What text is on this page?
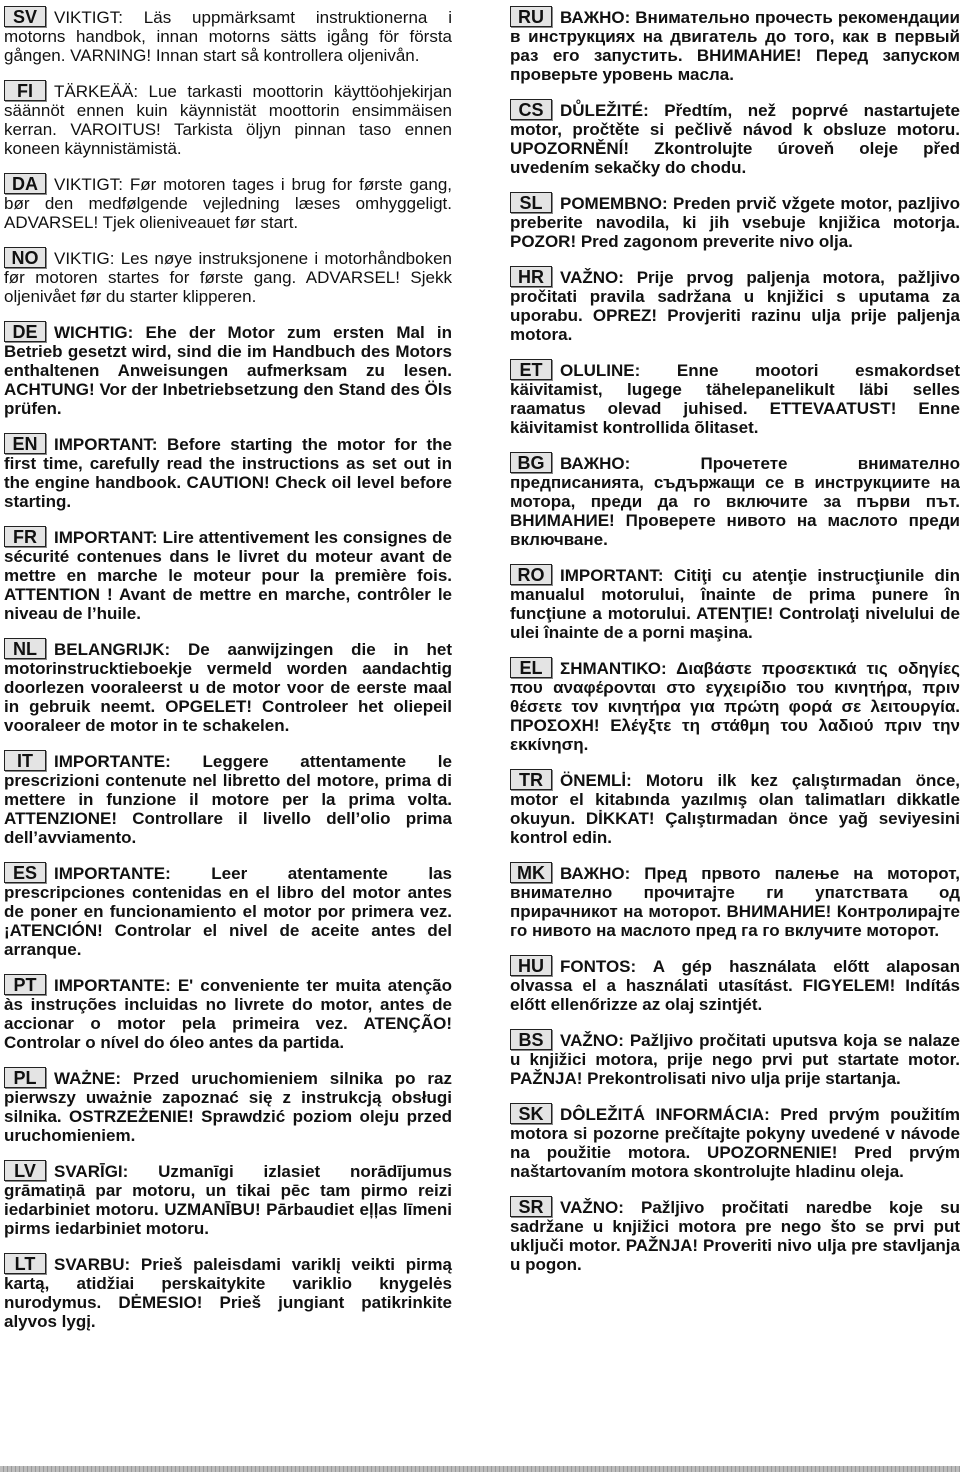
SV VIKTIGT: Läs uppmärksamt instruktionerna i motorns handbok, innan motorns sätts igång för första gången. VARNING! Innan start så kontrollera oljenivån.
FI TÄRKEÄÄ: Lue tarkasti moottorin käyttöohjekirjan säännöt ennen kuin käynnistät moottorin ensimmäisen kerran. VAROITUS! Tarkista öljyn pinnan taso ennen koneen käynnistämistä.
DA VIKTIGT: Før motoren tages i brug for første gang, bør den medfølgende vejledning læses omhyggeligt. ADVARSEL! Tjek olieniveauet før start.
NO VIKTIG: Les nøye instruksjonene i motorhåndboken før motoren startes for første gang. ADVARSEL! Sjekk oljenivået før du starter klipperen.
DE WICHTIG: Ehe der Motor zum ersten Mal in Betrieb gesetzt wird, sind die im Handbuch des Motors enthaltenen Anweisungen aufmerksam zu lesen. ACHTUNG! Vor der Inbetriebsetzung den Stand des Öls prüfen.
EN IMPORTANT: Before starting the motor for the first time, carefully read the instructions as set out in the engine handbook. CAUTION! Check oil level before starting.
FR IMPORTANT: Lire attentivement les consignes de sécurité contenues dans le livret du moteur avant de mettre en marche le moteur pour la première fois. ATTENTION ! Avant de mettre en marche, contrôler le niveau de l’huile.
NL BELANGRIJK: De aanwijzingen die in het motorinstrucktieboekje vermeld worden aandachtig doorlezen vooraleerst u de motor voor de eerste maal in gebruik neemt. OPGELET! Controleer het oliepeil vooraleer de motor in te schakelen.
IT IMPORTANTE: Leggere attentamente le prescrizioni contenute nel libretto del motore, prima di mettere in funzione il motore per la prima volta. ATTENZIONE! Controllare il livello dell’olio prima dell’avviamento.
ES IMPORTANTE: Leer atentamente las prescripciones contenidas en el libro del motor antes de poner en funcionamiento el motor por primera vez. ¡ATENCIÓN! Controlar el nivel de aceite antes del arranque.
PT IMPORTANTE: E' conveniente ter muita atenção às instruções incluidas no livrete do motor, antes de accionar o motor pela primeira vez. ATENÇÃO! Controlar o nível do óleo antes da partida.
PL WAŻNE: Przed uruchomieniem silnika po raz pierwszy uważnie zapoznać się z instrukcją obsługi silnika. OSTRZEŻENIE! Sprawdzić poziom oleju przed uruchomieniem.
LV SVARĪGI: Uzmanīgi izlasiet norādījumus grāmatiņā par motoru, un tikai pēc tam pirmo reizi iedarbiniet motoru. UZMANĪBU! Pārbaudiet eļļas līmeni pirms iedarbiniet motoru.
LT SVARBU: Prieš paleisdami variklį veikti pirmą kartą, atidžiai perskaitykite variklio knygelės nurodymus. DĖMESIO! Prieš jungiant patikrinkite alyvos lygį.
RU ВАЖНО: Внимательно прочесть рекомендации в инструкциях на двигатель до того, как в первый раз его запустить. ВНИМАНИЕ! Перед запуском проверьте уровень масла.
CS DŮLEŽITÉ: Předtím, než poprvé nastartujete motor, pročtěte si pečlivě návod k obsluze motoru. UPOZORNĚNÍ! Zkontrolujte úroveň oleje před uvedením sekačky do chodu.
SL POMEMBNO: Preden prvič vžgete motor, pazljivo preberite navodila, ki jih vsebuje knjižica motorja. POZOR! Pred zagonom preverite nivo olja.
HR VAŽNO: Prije prvog paljenja motora, pažljivo pročitati pravila sadržana u knjižici s uputama za uporabu. OPREZ! Provjeriti razinu ulja prije paljenja motora.
ET OLULINE: Enne mootori esmakordset käivitamist, lugege tähelepanelikult läbi selles raamatus olevad juhised. ETTEVAATUST! Enne käivitamist kontrollida õlitaset.
BG ВАЖНО: Прочетете внимателно предписанията, съдържащи се в инструкциите на мотора, преди да го включите за първи път. ВНИМАНИЕ! Проверете нивото на маслото преди включване.
RO IMPORTANT: Citiţi cu atenţie instrucţiunile din manualul motorului, înainte de prima punere în funcţiune a motorului. ATENŢIE! Controlaţi nivelului de ulei înainte de a porni maşina.
EL ΣΗΜΑΝΤΙΚΟ: Διαβάστε προσεκτικά τις οδηγίες που αναφέρονται στο εγχειρίδιο του κινητήρα, πριν θέσετε τον κινητήρα για πρώτη φορά σε λειτουργία. ΠΡΟΣΟΧΗ! Ελέγξτε τη στάθμη του λαδιού πριν την εκκίνηση.
TR ÖNEMLİ: Motoru ilk kez çalıştırmadan önce, motor el kitabında yazılmış olan talimatları dikkatle okuyun. DİKKAT! Çalıştırmadan önce yağ seviyesini kontrol edin.
MK ВАЖНО: Пред првото палење на моторот, внимателно прочитајте ги упатствата од прирачникот на моторот. ВНИМАНИЕ! Контролирајте го нивото на маслото пред га го вклучите моторот.
HU FONTOS: A gép használata előtt alaposan olvassa el a használati utasítást. FIGYELEM! Indítás előtt ellenőrizze az olaj szintjét.
BS VAŽNO: Pažljivo pročitati uputsva koja se nalaze u knjižici motora, prije nego prvi put startate motor. PAŽNJA! Prekontrolisati nivo ulja prije startanja.
SK DÔLEŽITÁ INFORMÁCIA: Pred prvým použitím motora si pozorne prečítajte pokyny uvedené v návode na použitie motora. UPOZORNENIE! Pred prvým naštartovaním motora skontrolujte hladinu oleja.
SR VAŽNO: Pažljivo pročitati naredbe koje su sadržane u knjižici motora pre nego što se prvi put uključi motor. PAŽNJA! Proveriti nivo ulja pre stavljanja u pogon.
